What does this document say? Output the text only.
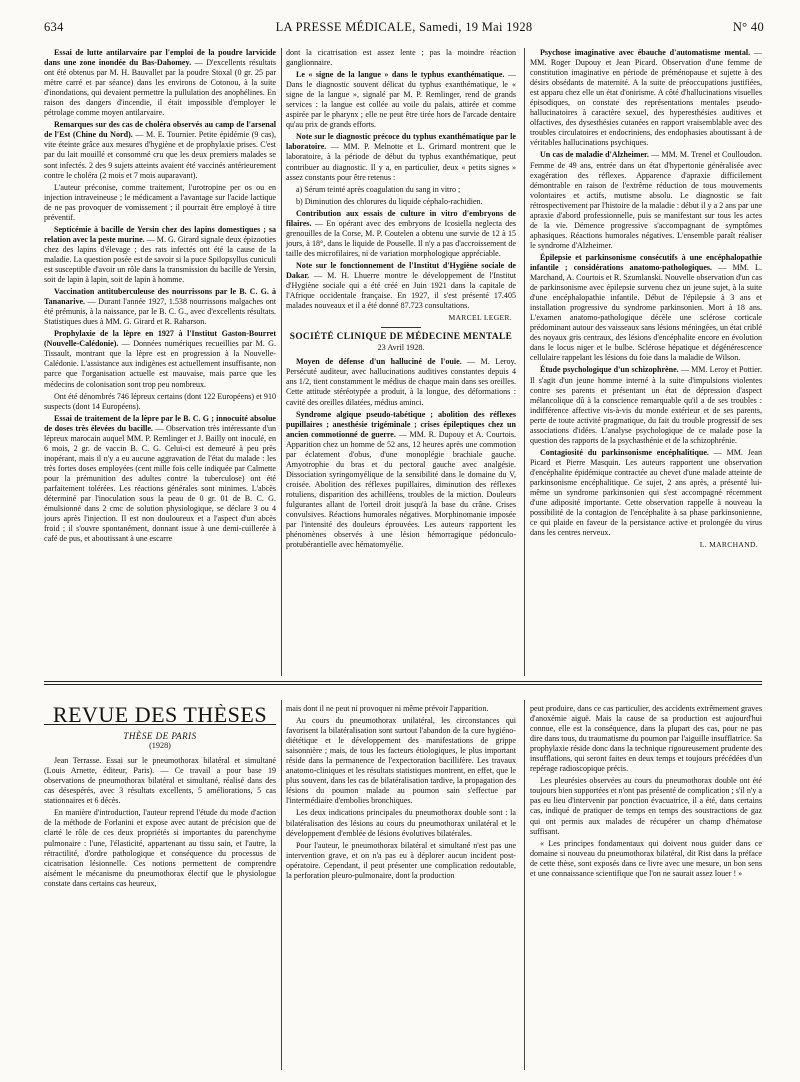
634	LA PRESSE MÉDICALE, Samedi, 19 Mai 1928	N° 40

Essai de lutte antilarvaire par l'emploi de la poudre larvicide dans une zone inondée du Bas-Dahomey. — D'excellents résultats ont été obtenus par M. H. Bauvallet par la poudre Stoxal (0 gr. 25 par mètre carré et par séance) dans les environs de Cotonou, à la suite d'inondations, qui devaient permettre la pullulation des anophélines. En raison des dangers d'incendie, il était impossible d'employer le pétrolage comme moyen antilarvaire.

Remarques sur des cas de choléra observés au camp de l'arsenal de l'Est (Chine du Nord). — M. E. Tournier. Petite épidémie (9 cas), vite éteinte grâce aux mesures d'hygiène et de prophylaxie prises. C'est par du lait mouillé et consommé cru que les deux premiers malades se sont infectés. 2 des 9 sujets atteints avaient été vaccinés antérieurement contre le choléra (2 mois et 7 mois auparavant).

L'auteur préconise, comme traitement, l'urotropine per os ou en injection intraveineuse ; le médicament a l'avantage sur l'acide lactique de ne pas provoquer de vomissement ; il pourrait être employé à titre préventif.

Septicémie à bacille de Yersin chez des lapins domestiques ; sa relation avec la peste murine. — M. G. Girard signale deux épizooties chez des lapins d'élevage ; des rats infectés ont été la cause de la maladie. La question posée est de savoir si la puce Spilopsyllus cuniculi est susceptible d'avoir un rôle dans la transmission du bacille de Yersin, soit de lapin à lapin, soit de lapin à homme.

Vaccination antituberculeuse des nourrissons par le B. C. G. à Tananarive. — Durant l'année 1927, 1.538 nourrissons malgaches ont été prémunis, à la naissance, par le B. C. G., avec d'excellents résultats. Statistiques dues à MM. G. Girard et R. Raharson.

Prophylaxie de la lèpre en 1927 à l'Institut Gaston-Bourret (Nouvelle-Calédonie). — Données numériques recueillies par M. G. Tissault, montrant que la lèpre est en progression à la Nouvelle-Calédonie. L'assistance aux indigènes est actuellement insuffisante, non parce que l'organisation actuelle est mauvaise, mais parce que les médecins de colonisation sont trop peu nombreux.

Ont été dénombrés 746 lépreux certains (dont 122 Européens) et 910 suspects (dont 14 Européens).

Essai de traitement de la lèpre par le B. C. G ; innocuité absolue de doses très élevées du bacille. — Observation très intéressante d'un lépreux marocain auquel MM. P. Remlinger et J. Bailly ont inoculé, en 6 mois, 2 gr. de vaccin B. C. G. Celui-ci est demeuré à peu près inopérant, mais il n'y a eu aucune aggravation de l'état du malade : les très fortes doses employées (cent mille fois celle indiquée par Calmette pour la prémunition des adultes contre la tuberculose) ont été parfaitement tolérées. Les réactions générales sont minimes. L'abcès déterminé par l'inoculation sous la peau de 0 gr. 01 de B. C. G. émulsionné dans 2 cmc de solution physiologique, se déclare 3 ou 4 jours après l'injection. Il est non douloureux et a l'aspect d'un abcès froid ; il s'ouvre spontanément, donnant issue à une demi-cuillerée à café de pus, et aboutissant à une escarre

dont la cicatrisation est assez lente ; pas la moindre réaction ganglionnaire.

Le « signe de la langue » dans le typhus exanthématique. — Dans le diagnostic souvent délicat du typhus exanthématique, le « signe de la langue », signalé par M. P. Remlinger, rend de grands services : la langue est collée au voile du palais, attirée et comme aspirée par le pharynx ; elle ne peut être tirée hors de l'arcade dentaire qu'au prix de grands efforts.

Note sur le diagnostic précoce du typhus exanthématique par le laboratoire. — MM. P. Melnotte et L. Grimard montrent que le laboratoire, à la période de début du typhus exanthématique, peut contribuer au diagnostic. Il y a, en particulier, deux « petits signes » assez constants pour être retenus :

a) Sérum teinté après coagulation du sang in vitro ;

b) Diminution des chlorures du liquide céphalo-rachidien.

Contribution aux essais de culture in vitro d'embryons de filaires. — En opérant avec des embryons de Icosiella neglecta des grenouilles de la Corse, M. P. Coutelen a obtenu une survie de 12 à 15 jours, à 18°, dans le liquide de Pouselle. Il n'y a pas d'accroissement de taille des microfilaires, ni de variation morphologique appréciable.

Note sur le fonctionnement de l'Institut d'Hygiène sociale de Dakar. — M. H. Lhuerre montre le développement de l'Institut d'Hygiène sociale qui a été créé en Juin 1921 dans la capitale de l'Afrique occidentale française. En 1927, il s'est présenté 17.405 malades nouveaux et il a été donné 87.723 consultations.

MARCEL LEGER.
SOCIÉTÉ CLINIQUE DE MÉDECINE MENTALE
23 Avril 1928.

Moyen de défense d'un halluciné de l'ouïe. — M. Leroy. Persécuté auditeur, avec hallucinations auditives constantes depuis 4 ans 1/2, tient constamment le médius de chaque main dans ses oreilles. Cette attitude stéréotypée a produit, à la longue, des déformations : cavité des oreilles dilatées, médius aminci.

Syndrome algique pseudo-tabétique ; abolition des réflexes pupillaires ; anesthésie trigéminale ; crises épileptiques chez un ancien commotionné de guerre. — MM. R. Dupouy et A. Courtois. Apparition chez un homme de 52 ans, 12 heures après une commotion par éclatement d'obus, d'une monoplégie brachiale gauche. Amyotrophie du bras et du pectoral gauche avec analgésie. Dissociation syringomyélique de la sensibilité dans le domaine du V, croisée. Abolition des réflexes pupillaires, diminution des réflexes rotuliens, disparition des achilléens, troubles de la miction. Douleurs fulgurantes allant de l'orteil droit jusqu'à la base du crâne. Crises convulsives. Réactions humorales négatives. Morphinomanie imposée par l'intensité des douleurs éprouvées. Les auteurs rapportent les phénomènes observés à une lésion hémorragique pédonculo-protubérantielle avec hématomyélie.

Psychose imaginative avec ébauche d'automatisme mental. — MM. Roger Dupouy et Jean Picard. Observation d'une femme de constitution imaginative en période de préménopause et sujette à des désirs obsédants de maternité. A la suite de préoccupations justifiées, est apparu chez elle un état d'onirisme. A côté d'hallucinations visuelles épisodiques, on constate des représentations mentales pseudo-hallucinatoires à caractère sexuel, des hyperesthésies auditives et olfactives, des dysesthésies cutanées en rapport vraisemblable avec des troubles circulatoires et endocriniens, des endophasies aboutissant à de véritables hallucinations psychiques.

Un cas de maladie d'Alzheimer. — MM. M. Trenel et Coulloudon. Femme de 49 ans, entrée dans un état d'hypertonie généralisée avec exagération des réflexes. Apparence d'apraxie difficilement démontrable en raison de l'extrême réduction de tous mouvements volontaires et actifs, mutisme absolu. Le diagnostic se fait rétrospectivement par l'histoire de la maladie : début il y a 2 ans par une apraxie d'abord professionnelle, puis se manifestant sur tous les actes de la vie. Démence progressive s'accompagnant de symptômes aphasiques. Réactions humorales négatives. L'ensemble paraît réaliser le syndrome d'Alzheimer.

Épilepsie et parkinsonisme consécutifs à une encéphalopathie infantile ; considérations anatomo-pathologiques. — MM. L. Marchand, A. Courtois et R. Szumlanski. Nouvelle observation d'un cas de parkinsonisme avec épilepsie survenu chez un jeune sujet, à la suite d'une encéphalopathie infantile. Début de l'épilepsie à 3 ans et installation progressive du syndrome parkinsonien. Mort à 18 ans. L'examen anatomo-pathologique décèle une sclérose corticale prédominant autour des vaisseaux sans lésions méningées, un état criblé des noyaux gris centraux, des lésions d'encéphalite encore en évolution dans le locus niger et le bulbe. Sclérose hépatique et dégénérescence cellulaire rappelant les lésions du foie dans la maladie de Wilson.

Étude psychologique d'un schizophrène. — MM. Leroy et Pottier. Il s'agit d'un jeune homme interné à la suite d'impulsions violentes contre ses parents et présentant un état de dépression d'aspect mélancolique dû à la conscience remarquable qu'il a de ses troubles : indifférence affective vis-à-vis du monde extérieur et de ses parents, perte de toute activité pragmatique, du fait du trouble progressif de ses associations d'idées. L'analyse psychologique de ce malade pose la question des rapports de la psychasthénie et de la schizophrénie.

Contagiosité du parkinsonisme encéphalitique. — MM. Jean Picard et Pierre Masquin. Les auteurs rapportent une observation d'encéphalite épidémique contractée au chevet d'une malade atteinte de parkinsonisme encéphalitique. Ce sujet, 2 ans après, a présenté lui-même un syndrome parkinsonien qui s'est accompagné récemment d'une adiposité importante. Cette observation rappelle à nouveau la possibilité de la contagion de l'encéphalite à sa phase parkinsonienne, ce qui plaide en faveur de la persistance active et prolongée du virus dans les centres nerveux.

L. MARCHAND.
REVUE DES THÈSES
THÈSE DE PARIS
(1928)

Jean Terrasse. Essai sur le pneumothorax bilatéral et simultané (Louis Arnette, éditeur, Paris). — Ce travail a pour base 19 observations de pneumothorax bilatéral et simultané, réalisé dans des cas désespérés, avec 3 résultats excellents, 5 améliorations, 5 cas stationnaires et 6 décès.

En manière d'introduction, l'auteur reprend l'étude du mode d'action de la méthode de Forlanini et expose avec autant de précision que de clarté le rôle de ces deux propriétés si importantes du parenchyme pulmonaire : l'une, l'élasticité, appartenant au tissu sain, et l'autre, la rétractilité, d'ordre pathologique et conséquence du processus de cicatrisation lésionnelle. Ces notions permettent de comprendre aisément le mécanisme du pneumothorax électif que le physiologue constate dans certains cas heureux,

mais dont il ne peut ni provoquer ni même prévoir l'apparition.

Au cours du pneumothorax unilatéral, les circonstances qui favorisent la bilatéralisation sont surtout l'abandon de la cure hygiéno-diététique et le développement des manifestations de grippe saisonnière ; mais, de tous les facteurs étiologiques, le plus important réside dans la permanence de l'expectoration bacillifère. Les travaux anatomo-cliniques et les résultats statistiques montrent, en effet, que le plus souvent, dans les cas de bilatéralisation tardive, la propagation des lésions du poumon malade au poumon sain s'effectue par l'intermédiaire d'embolies bronchiques.

Les deux indications principales du pneumothorax double sont : la bilatéralisation des lésions au cours du pneumothorax unilatéral et le développement d'emblée de lésions évolutives bilatérales.

Pour l'auteur, le pneumothorax bilatéral et simultané n'est pas une intervention grave, et on n'a pas eu à déplorer aucun incident post-opératoire. Cependant, il peut présenter une complication redoutable, la perforation pleuro-pulmonaire, dont la production

peut produire, dans ce cas particulier, des accidents extrêmement graves d'anoxémie aiguë. Mais la cause de sa production est aujourd'hui connue, elle est la conséquence, dans la plupart des cas, pour ne pas dire dans tous, du traumatisme du poumon par l'aiguille insufflatrice. Sa prophylaxie réside donc dans la technique rigoureusement prudente des insufflations, qui seront faites en deux temps et toujours précédées d'un repérage radioscopique précis.

Les pleurésies observées au cours du pneumothorax double ont été toujours bien supportées et n'ont pas présenté de complication ; s'il n'y a pas eu lieu d'intervenir par ponction évacuatrice, il a été, dans certains cas, indiqué de pratiquer de temps en temps des soustractions de gaz qui ont permis aux malades de récupérer un champ d'hématose suffisant.

« Les principes fondamentaux qui doivent nous guider dans ce domaine si nouveau du pneumothorax bilatéral, dit Rist dans la préface de cette thèse, sont exposés dans ce livre avec une mesure, un bon sens et une connaissance scientifique que l'on ne saurait assez louer ! »
